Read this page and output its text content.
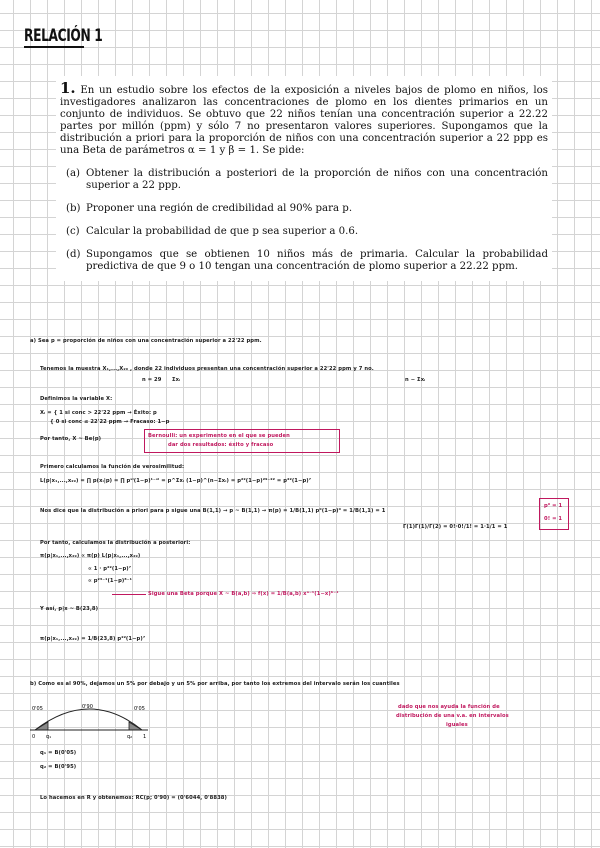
RELACIÓN 1

1. En un estudio sobre los efectos de la exposición a niveles bajos de plomo en niños, los investigadores analizaron las concentraciones de plomo en los dientes primarios en un conjunto de individuos. Se obtuvo que 22 niños tenían una concentración superior a 22.22 partes por millón (ppm) y sólo 7 no presentaron valores superiores. Supongamos que la distribución a priori para la proporción de niños con una concentración superior a 22 ppp es una Beta de parámetros α = 1 y β = 1. Se pide:

(a) Obtener la distribución a posteriori de la proporción de niños con una concentración superior a 22 ppp.
(b) Proponer una región de credibilidad al 90% para p.
(c) Calcular la probabilidad de que p sea superior a 0.6.
(d) Supongamos que se obtienen 10 niños más de primaria. Calcular la probabilidad predictiva de que 9 o 10 tengan una concentración de plomo superior a 22.22 ppm.
a) Sea p = proporción de niños con una concentración superior a 22'22 ppm.
Tenemos la muestra X₁,...,X₂₉ , donde 22 individuos presentan una concentración superior a 22'22 ppm y 7 no.
n = 29 Σxᵢ	n − Σxᵢ
Definimos la variable X:
Xᵢ = { 1 si conc > 22'22 ppm → Éxito: p
{ 0 si conc ≤ 22'22 ppm → Fracaso: 1−p
Por tanto, X ~ Be(p)	Bernoulli: un experimento en el que se pueden
dar dos resultados: éxito y fracaso
Primero calculamos la función de verosimilitud:
L(p|x₁,...,x₂₉) = ∏ p(xᵢ|p) = ∏ pˣⁱ(1−p)¹⁻ˣⁱ = p^Σxᵢ (1−p)^(n−Σxᵢ) = p²²(1−p)²⁹⁻²² = p²²(1−p)⁷
Nos dice que la distribución a priori para p sigue una B(1,1) → p ~ B(1,1) → π(p) = 1/B(1,1) p⁰(1−p)⁰ = 1/B(1,1) = 1
Γ(1)Γ(1)/Γ(2) = 0!·0!/1! = 1·1/1 = 1
p⁰ = 1
0! = 1
Por tanto, calculamos la distribución a posteriori:
π(p|x₁,...,x₂₉) ∝ π(p) L(p|x₁,...,x₂₉)
∝ 1 · p²²(1−p)⁷
∝ p²³⁻¹(1−p)⁸⁻¹
Sigue una Beta porque X ~ B(a,b) ⇒ f(x) = 1/B(a,b) xᵃ⁻¹(1−x)ᵇ⁻¹
Y así, p|x ~ B(23,8)
π(p|x₁,...,x₂₉) = 1/B(23,8) p²²(1−p)⁷
b) Como es al 90%, dejamos un 5% por debajo y un 5% por arriba, por tanto los extremos del intervalo serán los cuantiles
dado que nos ayuda la función de
distribución de una v.a. en intervalos
iguales
0'05	0'90	0'05
0 q₁	q₂ 1
q₁ = B(0'05)
q₂ = B(0'95)
Lo hacemos en R y obtenemos: RC(p; 0'90) = (0'6044, 0'8838)
